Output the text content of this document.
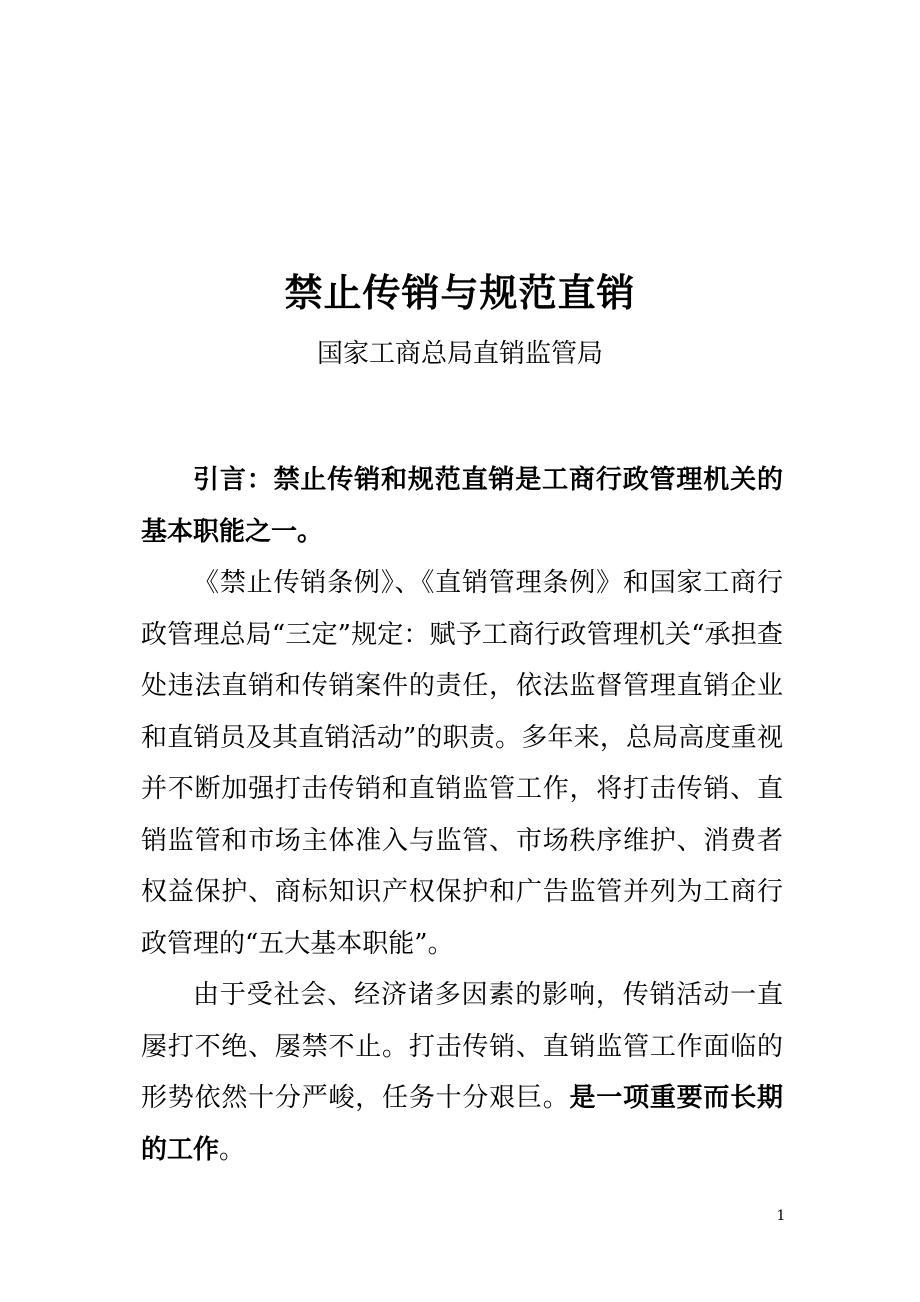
禁止传销与规范直销
国家工商总局直销监管局

引言：禁止传销和规范直销是工商行政管理机关的基本职能之一。

《禁止传销条例》、《直销管理条例》和国家工商行政管理总局“三定”规定：赋予工商行政管理机关“承担查处违法直销和传销案件的责任，依法监督管理直销企业和直销员及其直销活动”的职责。多年来，总局高度重视并不断加强打击传销和直销监管工作，将打击传销、直销监管和市场主体准入与监管、市场秩序维护、消费者权益保护、商标知识产权保护和广告监管并列为工商行政管理的“五大基本职能”。

由于受社会、经济诸多因素的影响，传销活动一直屡打不绝、屡禁不止。打击传销、直销监管工作面临的形势依然十分严峻，任务十分艰巨。是一项重要而长期的工作。

1
